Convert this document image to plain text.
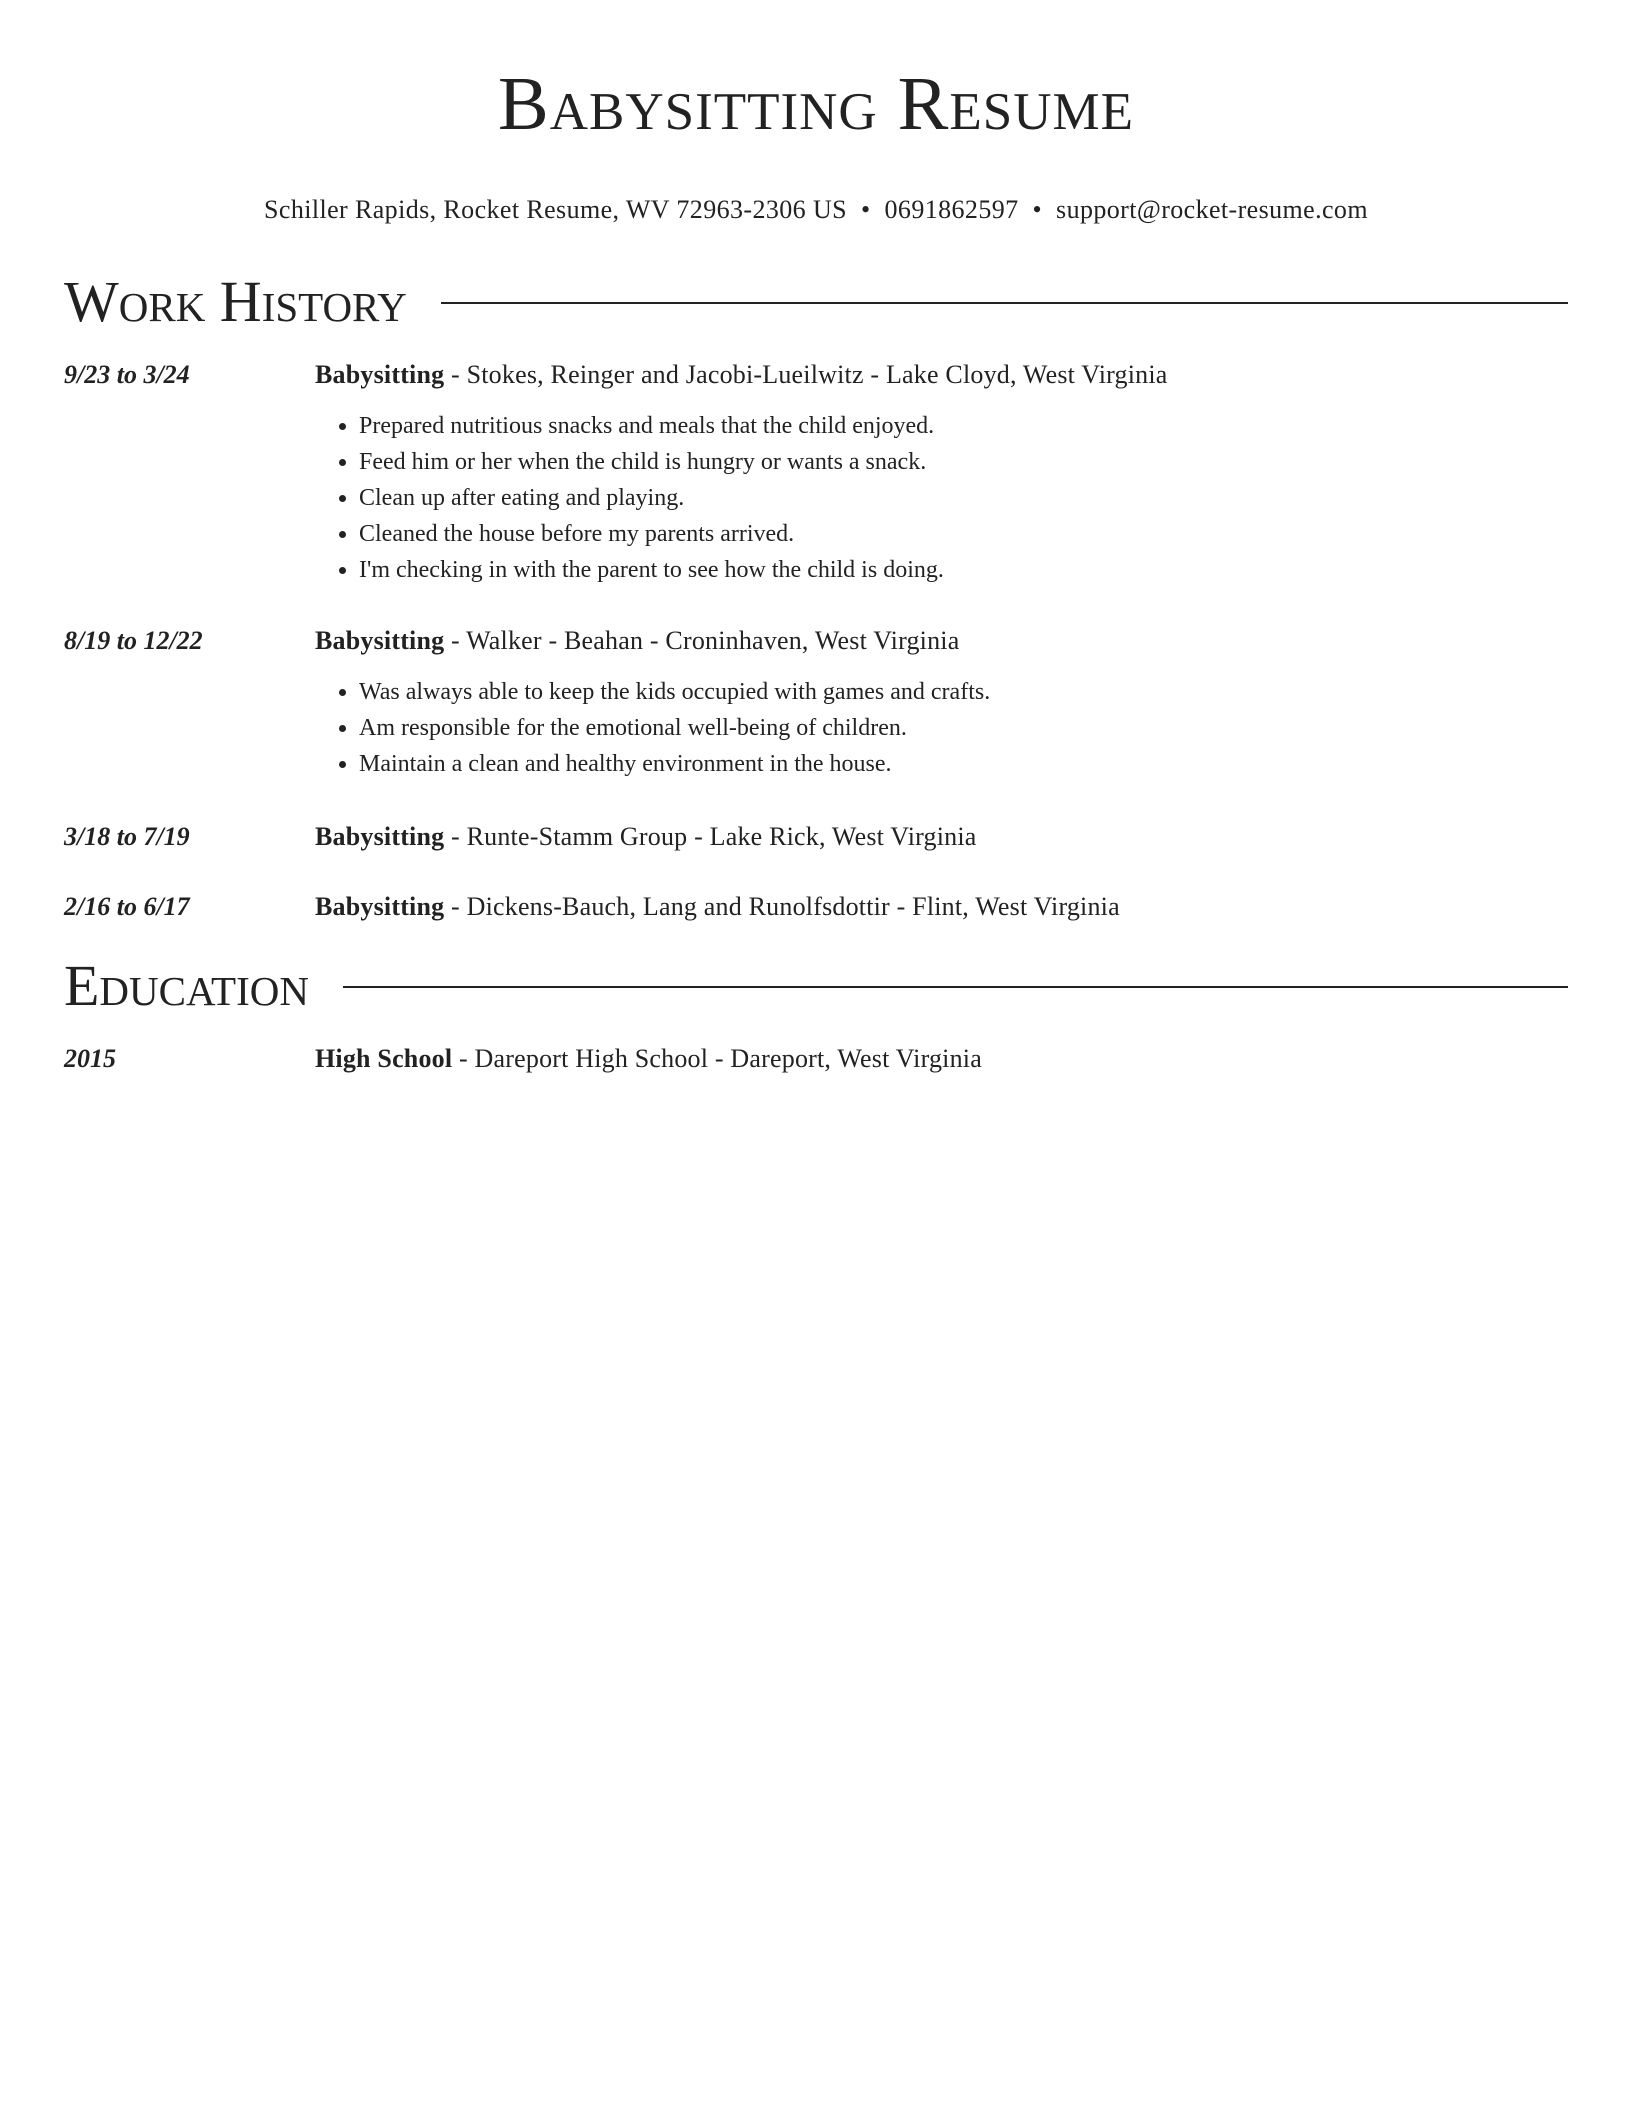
Babysitting Resume
Schiller Rapids, Rocket Resume, WV 72963-2306 US • 0691862597 • support@rocket-resume.com
Work History
9/23 to 3/24	Babysitting - Stokes, Reinger and Jacobi-Lueilwitz - Lake Cloyd, West Virginia
• Prepared nutritious snacks and meals that the child enjoyed.
• Feed him or her when the child is hungry or wants a snack.
• Clean up after eating and playing.
• Cleaned the house before my parents arrived.
• I'm checking in with the parent to see how the child is doing.
8/19 to 12/22	Babysitting - Walker - Beahan - Croninhaven, West Virginia
• Was always able to keep the kids occupied with games and crafts.
• Am responsible for the emotional well-being of children.
• Maintain a clean and healthy environment in the house.
3/18 to 7/19	Babysitting - Runte-Stamm Group - Lake Rick, West Virginia
2/16 to 6/17	Babysitting - Dickens-Bauch, Lang and Runolfsdottir - Flint, West Virginia
Education
2015	High School - Dareport High School - Dareport, West Virginia
